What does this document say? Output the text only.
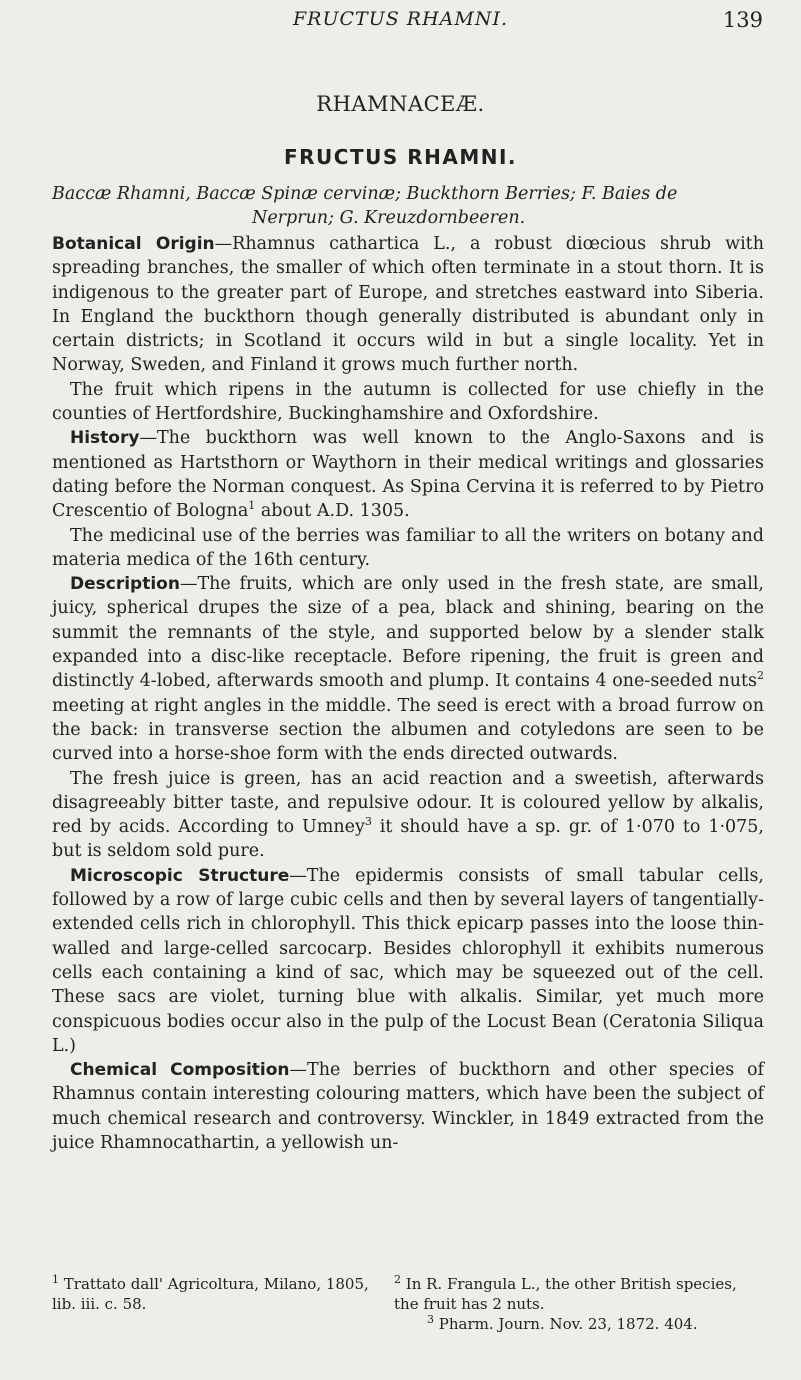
FRUCTUS RHAMNI.	139
RHAMNACEÆ.
FRUCTUS RHAMNI.
Baccæ Rhamni, Baccæ Spinæ cervinæ; Buckthorn Berries; F. Baies de
Nerprun; G. Kreuzdornbeeren.

Botanical Origin—Rhamnus cathartica L., a robust diœcious shrub with spreading branches, the smaller of which often terminate in a stout thorn. It is indigenous to the greater part of Europe, and stretches eastward into Siberia. In England the buckthorn though generally distributed is abundant only in certain districts; in Scotland it occurs wild in but a single locality. Yet in Norway, Sweden, and Finland it grows much further north.

The fruit which ripens in the autumn is collected for use chiefly in the counties of Hertfordshire, Buckinghamshire and Oxfordshire.

History—The buckthorn was well known to the Anglo-Saxons and is mentioned as Hartsthorn or Waythorn in their medical writings and glossaries dating before the Norman conquest. As Spina Cervina it is referred to by Pietro Crescentio of Bologna$^1$ about A.D. 1305.

The medicinal use of the berries was familiar to all the writers on botany and materia medica of the 16th century.

Description—The fruits, which are only used in the fresh state, are small, juicy, spherical drupes the size of a pea, black and shining, bearing on the summit the remnants of the style, and supported below by a slender stalk expanded into a disc-like receptacle. Before ripening, the fruit is green and distinctly 4-lobed, afterwards smooth and plump. It contains 4 one-seeded nuts$^2$ meeting at right angles in the middle. The seed is erect with a broad furrow on the back: in transverse section the albumen and cotyledons are seen to be curved into a horse-shoe form with the ends directed outwards.

The fresh juice is green, has an acid reaction and a sweetish, afterwards disagreeably bitter taste, and repulsive odour. It is coloured yellow by alkalis, red by acids. According to Umney$^3$ it should have a sp. gr. of 1·070 to 1·075, but is seldom sold pure.

Microscopic Structure—The epidermis consists of small tabular cells, followed by a row of large cubic cells and then by several layers of tangentially-extended cells rich in chlorophyll. This thick epicarp passes into the loose thin-walled and large-celled sarcocarp. Besides chlorophyll it exhibits numerous cells each containing a kind of sac, which may be squeezed out of the cell. These sacs are violet, turning blue with alkalis. Similar, yet much more conspicuous bodies occur also in the pulp of the Locust Bean (Ceratonia Siliqua L.)

Chemical Composition—The berries of buckthorn and other species of Rhamnus contain interesting colouring matters, which have been the subject of much chemical research and controversy. Winckler, in 1849 extracted from the juice Rhamnocathartin, a yellowish un-

$^1$ Trattato dall' Agricoltura, Milano, 1805, lib. iii. c. 58.
$^2$ In R. Frangula L., the other British species, the fruit has 2 nuts.
$^3$ Pharm. Journ. Nov. 23, 1872. 404.
